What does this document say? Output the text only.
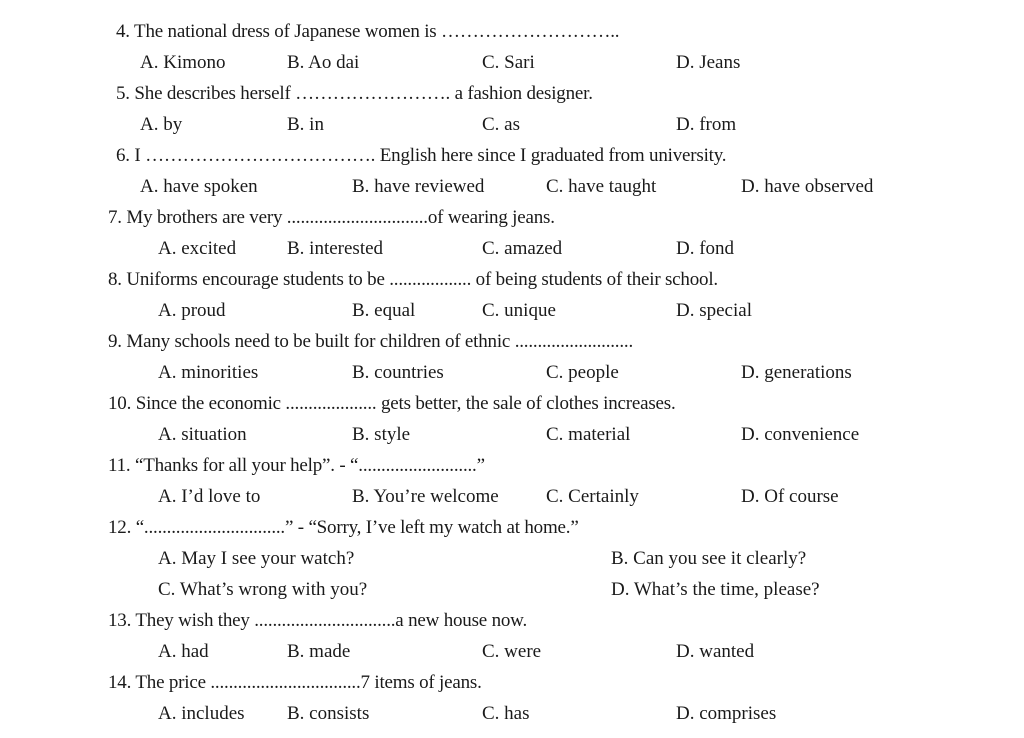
4. The national dress of Japanese women is ………………………..
A. Kimono	B. Ao dai	C. Sari	D. Jeans
5. She describes herself ……………………. a fashion designer.
A. by	B. in	C. as	D. from
6. I ………………………………. English here since I graduated from university.
A. have spoken	B. have reviewed	C. have taught	D. have observed
7. My brothers are very ...............................of wearing jeans.
A. excited	B. interested	C. amazed	D. fond
8. Uniforms encourage students to be .................. of being students of their school.
A. proud	B. equal	C. unique	D. special
9. Many schools need to be built for children of ethnic ..........................
A. minorities	B. countries	C. people	D. generations
10. Since the economic .................... gets better, the sale of clothes increases.
A. situation	B. style	C. material	D. convenience
11. “Thanks for all your help”. - “..........................”
A. I’d love to	B. You’re welcome C. Certainly	D. Of course
12. “...............................” - “Sorry, I’ve left my watch at home.”
A. May I see your watch?	B. Can you see it clearly?
C. What’s wrong with you?	D. What’s the time, please?
13. They wish they ...............................a new house now.
A. had	B. made	C. were	D. wanted
14. The price .................................7 items of jeans.
A. includes B. consists	C. has	D. comprises
